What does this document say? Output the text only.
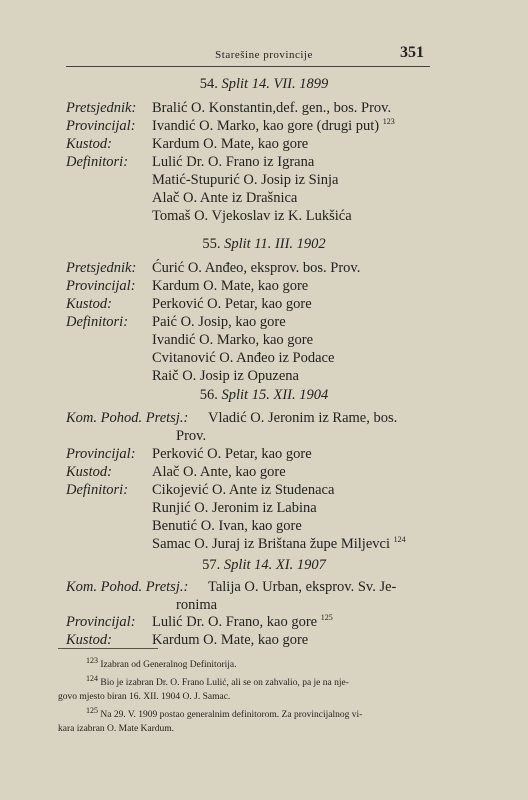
Starešine provincije	351
54. Split 14. VII. 1899
Pretsjednik: Bralić O. Konstantin,def. gen., bos. Prov.
Provincijal: Ivandić O. Marko, kao gore (drugi put) $^{123}$
Kustod:	Kardum O. Mate, kao gore
Definitori: Lulić Dr. O. Frano iz Igrana
Matić-Stupurić O. Josip iz Sinja
Alač O. Ante iz Drašnica
Tomaš O. Vjekoslav iz K. Lukšića
55. Split 11. III. 1902
Pretsjednik: Ćurić O. Anđeo, eksprov. bos. Prov.
Provincijal: Kardum O. Mate, kao gore
Kustod:	Perković O. Petar, kao gore
Definitori: Paić O. Josip, kao gore
Ivandić O. Marko, kao gore
Cvitanović O. Anđeo iz Podace
Raič O. Josip iz Opuzena
56. Split 15. XII. 1904
Kom. Pohod. Pretsj.: Vladić O. Jeronim iz Rame, bos.
Prov.
Provincijal: Perković O. Petar, kao gore
Kustod:	Alač O. Ante, kao gore
Definitori: Cikojević O. Ante iz Studenaca
Runjić O. Jeronim iz Labina
Benutić O. Ivan, kao gore
Samac O. Juraj iz Brištana župe Miljevci $^{124}$
57. Split 14. XI. 1907
Kom. Pohod. Pretsj.: Talija O. Urban, eksprov. Sv. Je-
ronima
Provincijal: Lulić Dr. O. Frano, kao gore $^{125}$
Kustod:	Kardum O. Mate, kao gore
$^{123}$ Izabran od Generalnog Definitorija.
$^{124}$ Bio je izabran Dr. O. Frano Lulić, ali se on zahvalio, pa je na nje-
govo mjesto biran 16. XII. 1904 O. J. Samac.
$^{125}$ Na 29. V. 1909 postao generalnim definitorom. Za provincijalnog vi-
kara izabran O. Mate Kardum.
